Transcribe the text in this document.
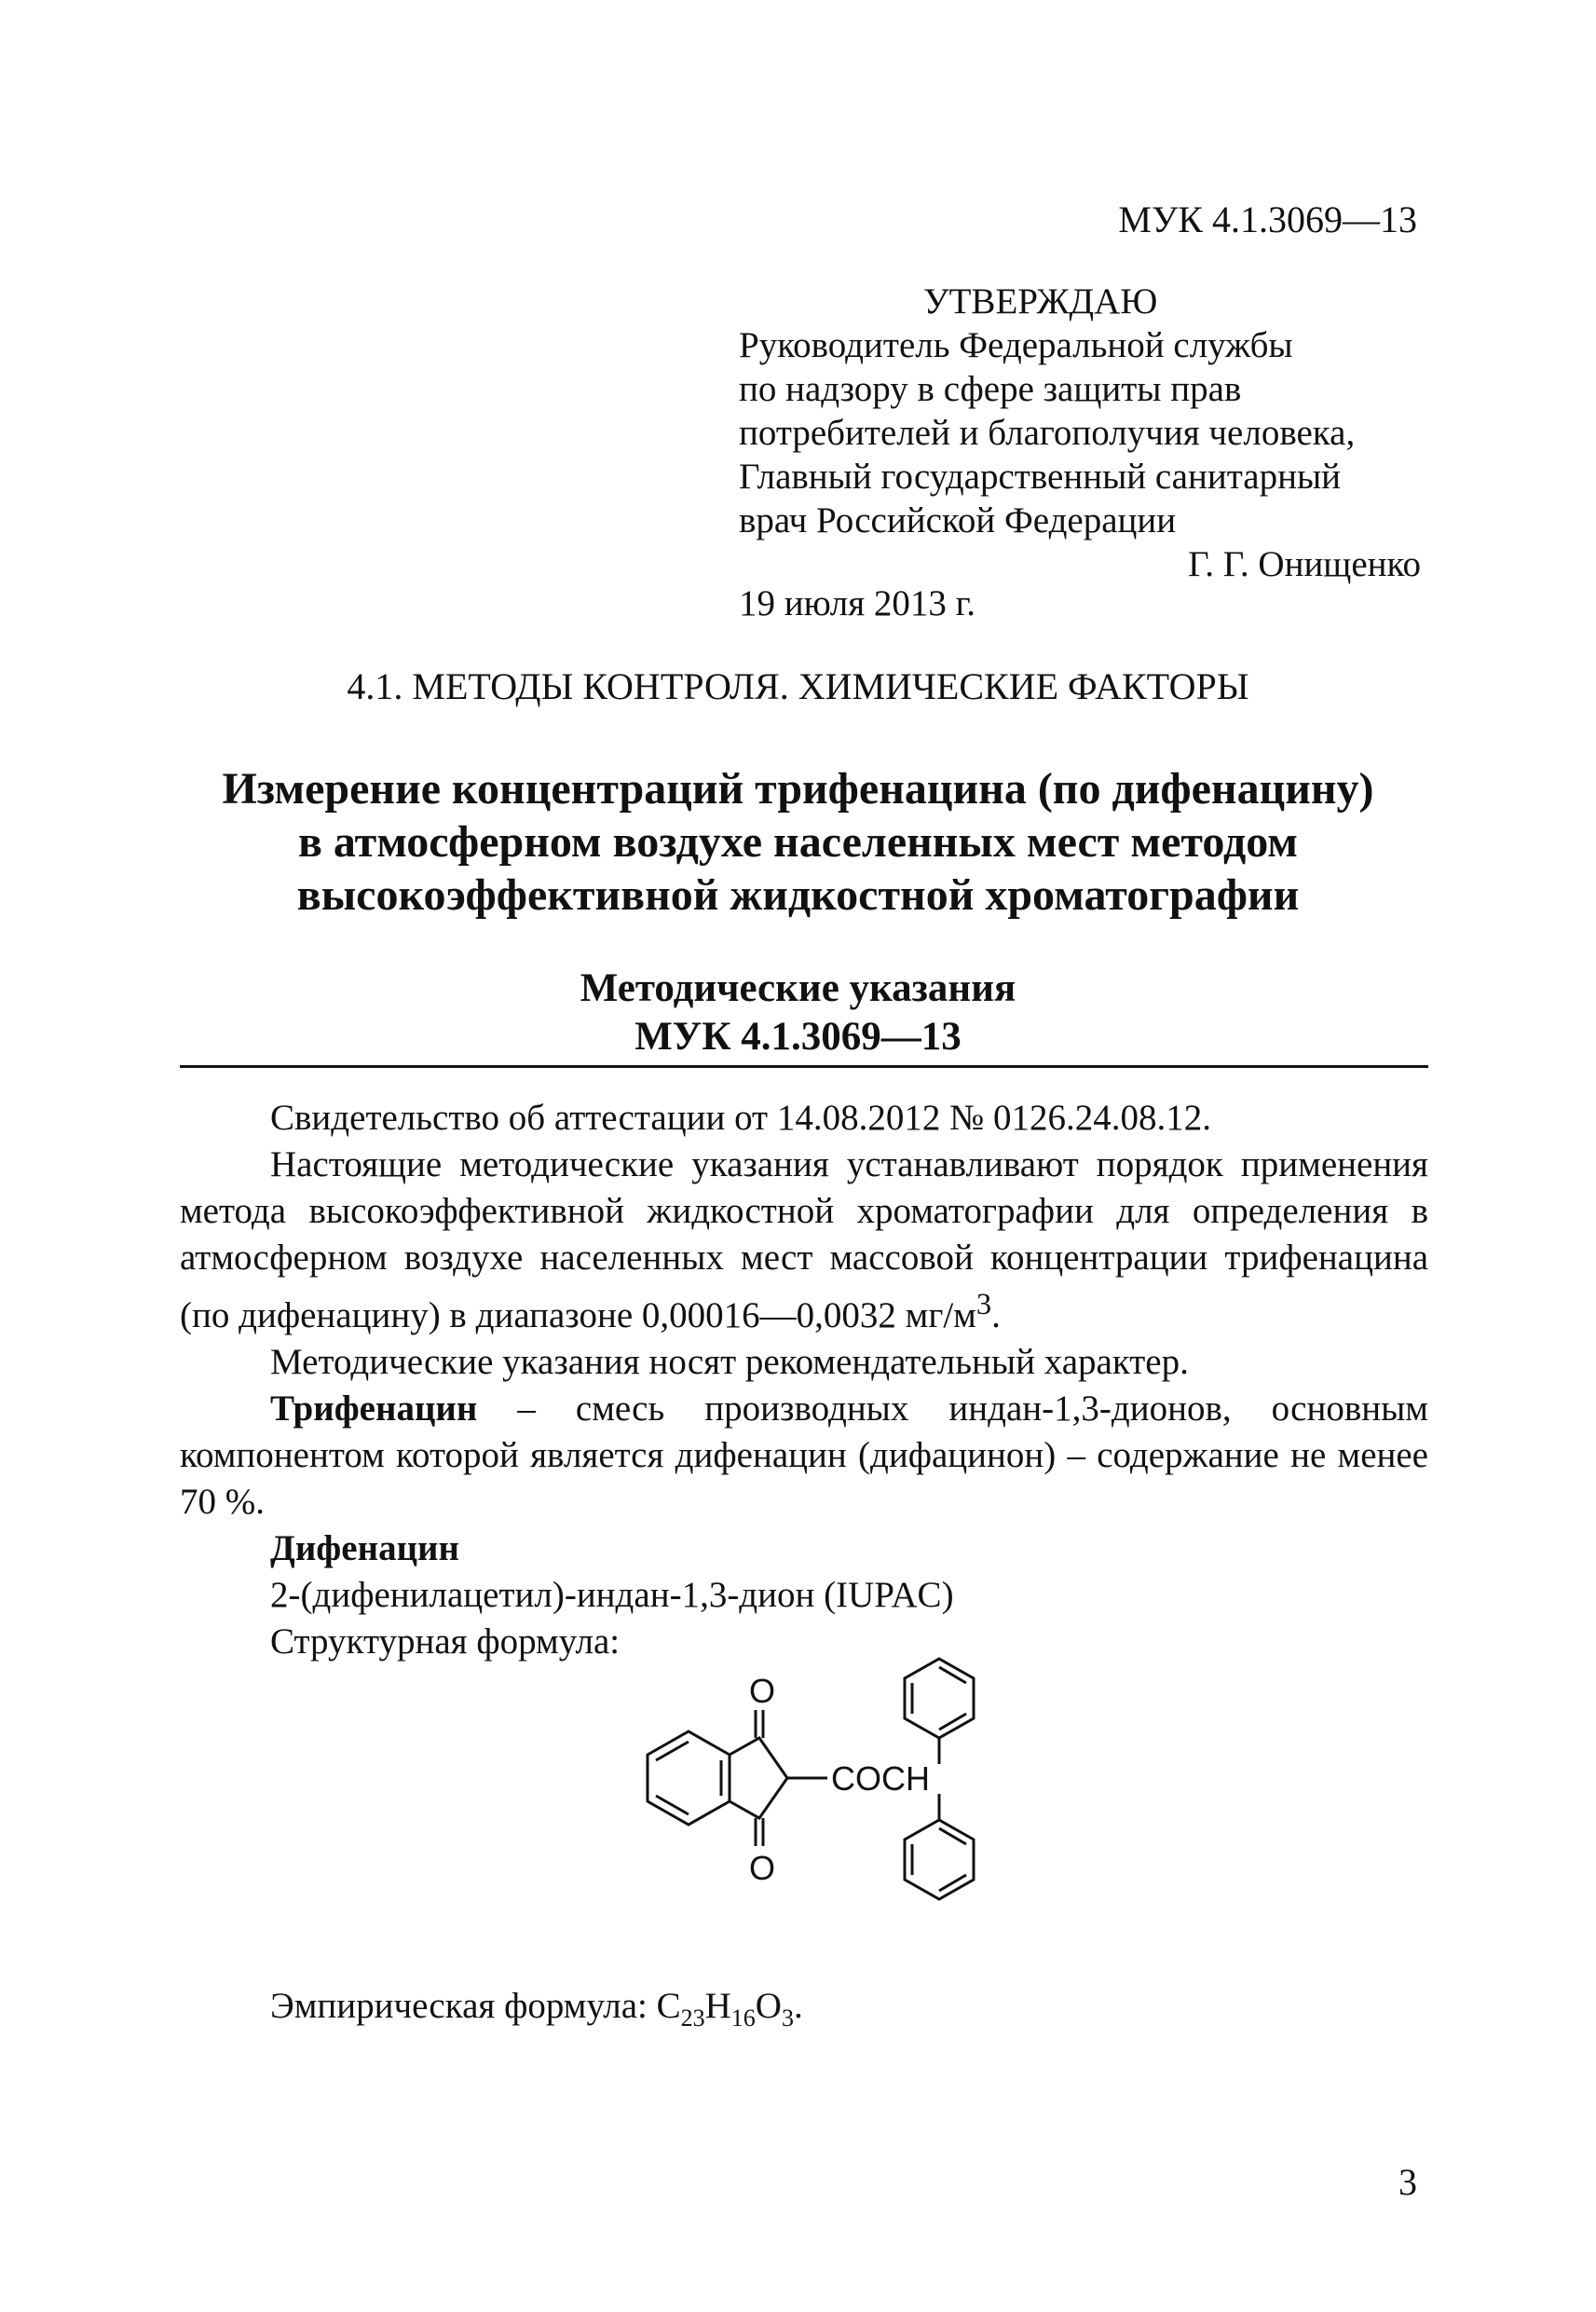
МУК 4.1.3069—13
УТВЕРЖДАЮ
Руководитель Федеральной службы
по надзору в сфере защиты прав
потребителей и благополучия человека,
Главный государственный санитарный
врач Российской Федерации
Г. Г. Онищенко
19 июля 2013 г.
4.1. МЕТОДЫ КОНТРОЛЯ. ХИМИЧЕСКИЕ ФАКТОРЫ
Измерение концентраций трифенацина (по дифенацину)
в атмосферном воздухе населенных мест методом
высокоэффективной жидкостной хроматографии
Методические указания
МУК 4.1.3069—13

Свидетельство об аттестации от 14.08.2012 № 0126.24.08.12.

Настоящие методические указания устанавливают порядок применения метода высокоэффективной жидкостной хроматографии для определения в атмосферном воздухе населенных мест массовой концентрации трифенацина (по дифенацину) в диапазоне 0,00016—0,0032 $мг/м^3$.

Методические указания носят рекомендательный характер.

Трифенацин – смесь производных индан-1,3-дионов, основным компонентом которой является дифенацин (дифацинон) – содержание не менее 70 %.

Дифенацин

2-(дифенилацетил)-индан-1,3-дион (IUPAC)

Структурная формула:

O
O
COCH
Эмпирическая формула: $C_{23}H_{16}O_3$.
3
